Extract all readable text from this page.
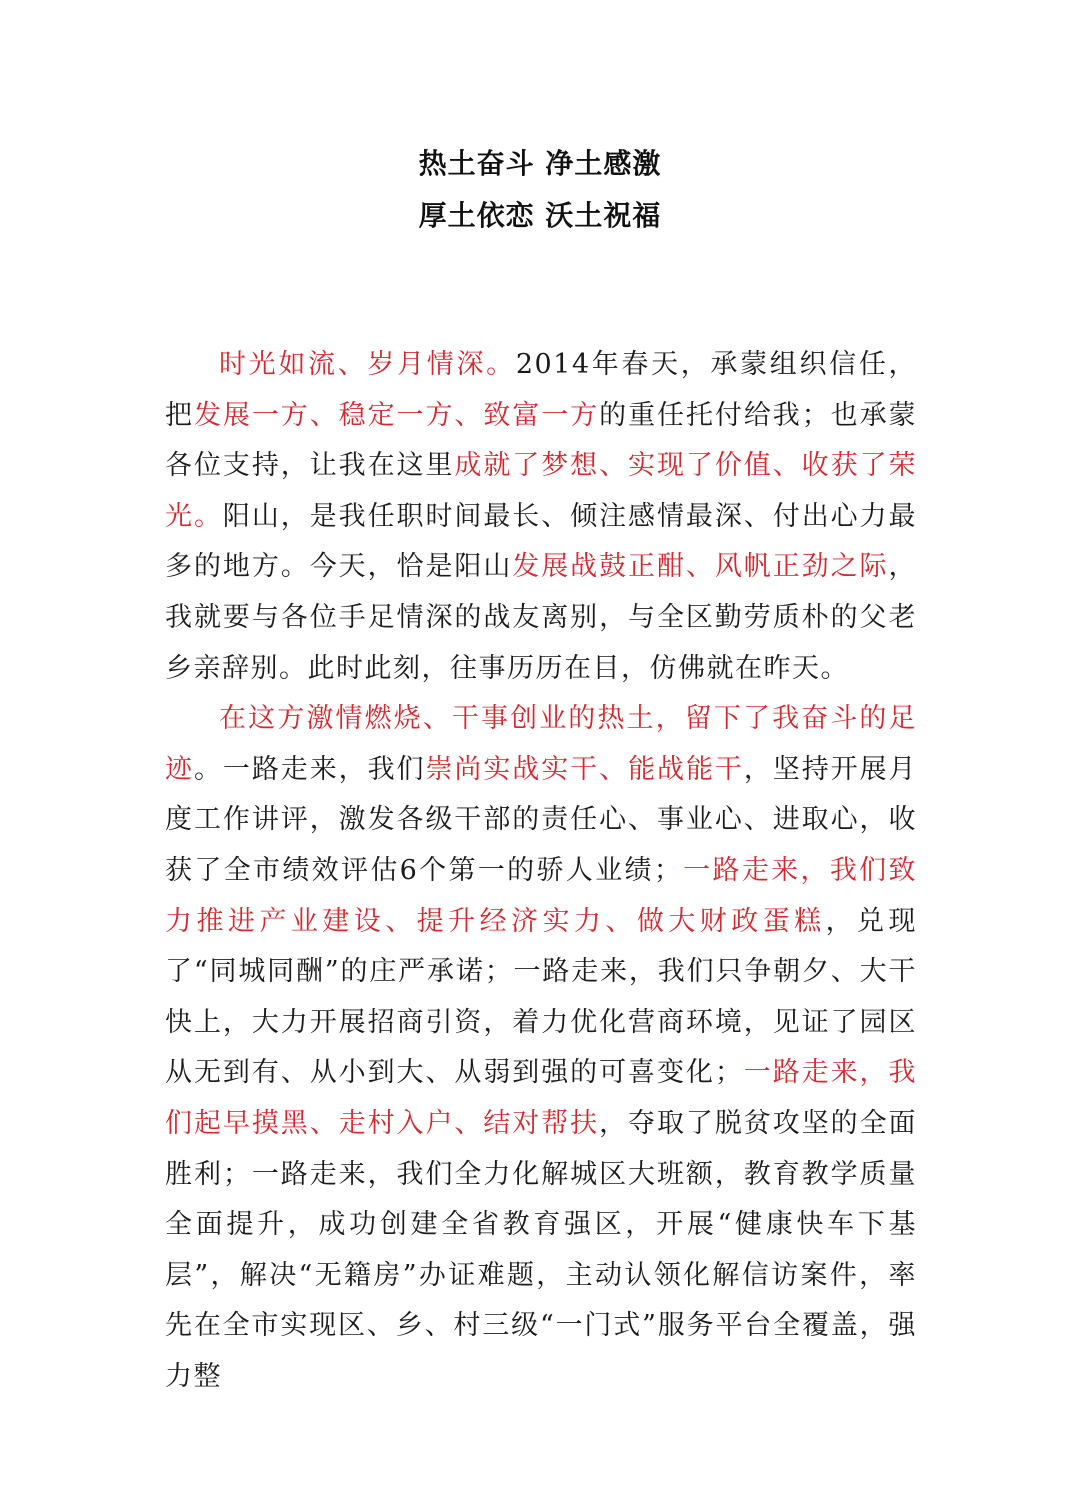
热土奋斗 净土感激
厚土依恋 沃土祝福

时光如流、岁月情深。2014年春天，承蒙组织信任，把发展一方、稳定一方、致富一方的重任托付给我；也承蒙各位支持，让我在这里成就了梦想、实现了价值、收获了荣光。阳山，是我任职时间最长、倾注感情最深、付出心力最多的地方。今天，恰是阳山发展战鼓正酣、风帆正劲之际，我就要与各位手足情深的战友离别，与全区勤劳质朴的父老乡亲辞别。此时此刻，往事历历在目，仿佛就在昨天。

在这方激情燃烧、干事创业的热土，留下了我奋斗的足迹。一路走来，我们崇尚实战实干、能战能干，坚持开展月度工作讲评，激发各级干部的责任心、事业心、进取心，收获了全市绩效评估6个第一的骄人业绩；一路走来，我们致力推进产业建设、提升经济实力、做大财政蛋糕，兑现了“同城同酬”的庄严承诺；一路走来，我们只争朝夕、大干快上，大力开展招商引资，着力优化营商环境，见证了园区从无到有、从小到大、从弱到强的可喜变化；一路走来，我们起早摸黑、走村入户、结对帮扶，夺取了脱贫攻坚的全面胜利；一路走来，我们全力化解城区大班额，教育教学质量全面提升，成功创建全省教育强区，开展“健康快车下基层”，解决“无籍房”办证难题，主动认领化解信访案件，率先在全市实现区、乡、村三级“一门式”服务平台全覆盖，强力整
